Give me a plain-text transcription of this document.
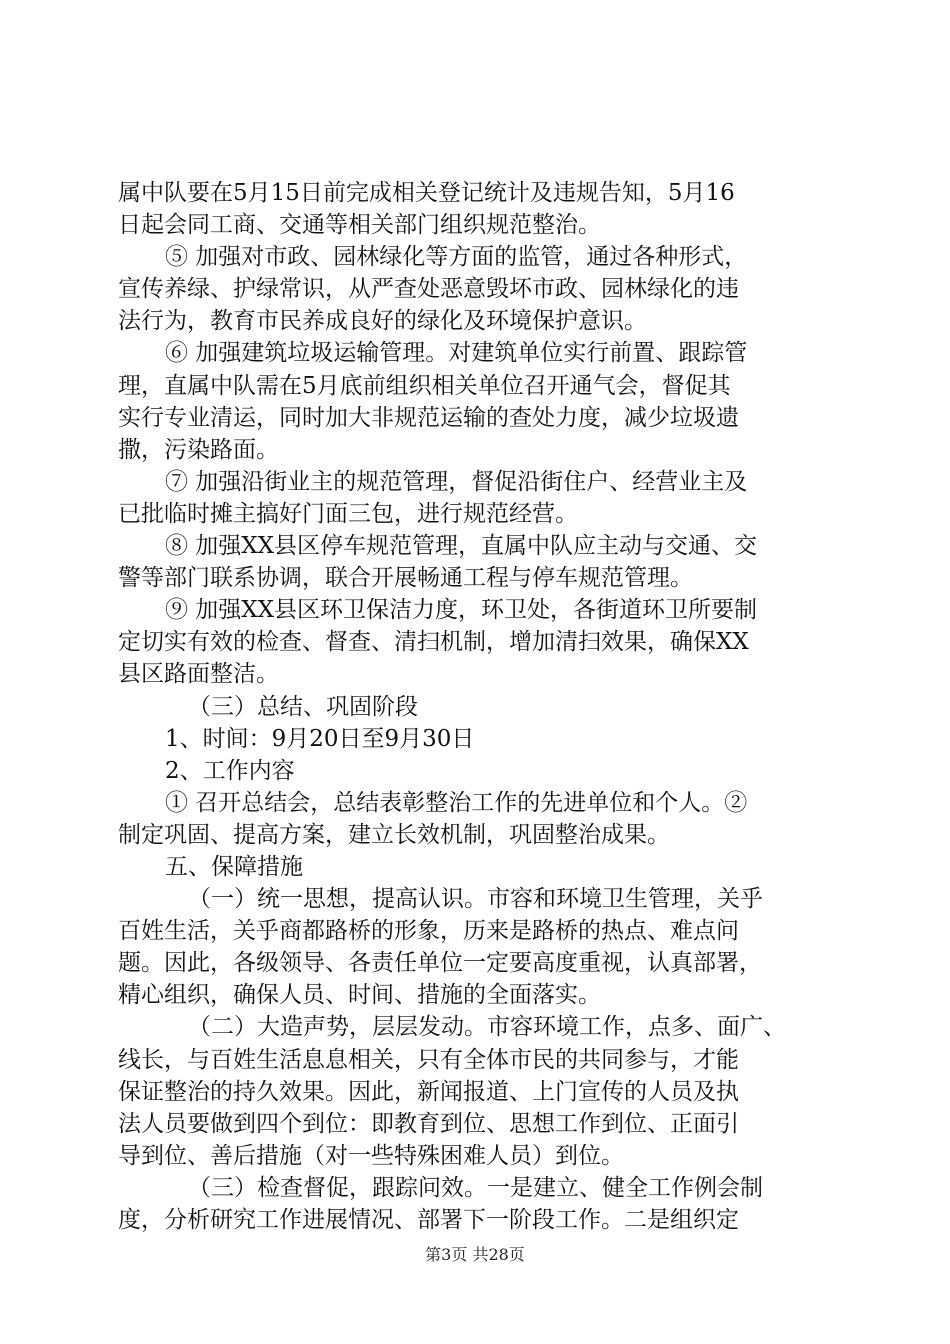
属中队要在5月15日前完成相关登记统计及违规告知，5月16
日起会同工商、交通等相关部门组织规范整治。
⑤ 加强对市政、园林绿化等方面的监管，通过各种形式，
宣传养绿、护绿常识，从严查处恶意毁坏市政、园林绿化的违
法行为，教育市民养成良好的绿化及环境保护意识。
⑥ 加强建筑垃圾运输管理。对建筑单位实行前置、跟踪管
理，直属中队需在5月底前组织相关单位召开通气会，督促其
实行专业清运，同时加大非规范运输的查处力度，减少垃圾遗
撒，污染路面。
⑦ 加强沿街业主的规范管理，督促沿街住户、经营业主及
已批临时摊主搞好门面三包，进行规范经营。
⑧ 加强XX县区停车规范管理，直属中队应主动与交通、交
警等部门联系协调，联合开展畅通工程与停车规范管理。
⑨ 加强XX县区环卫保洁力度，环卫处，各街道环卫所要制
定切实有效的检查、督查、清扫机制，增加清扫效果，确保XX
县区路面整洁。
（三）总结、巩固阶段
1、时间：9月20日至9月30日
2、工作内容
① 召开总结会，总结表彰整治工作的先进单位和个人。②
制定巩固、提高方案，建立长效机制，巩固整治成果。
五、保障措施
（一）统一思想，提高认识。市容和环境卫生管理，关乎
百姓生活，关乎商都路桥的形象，历来是路桥的热点、难点问
题。因此，各级领导、各责任单位一定要高度重视，认真部署，
精心组织，确保人员、时间、措施的全面落实。
（二）大造声势，层层发动。市容环境工作，点多、面广、
线长，与百姓生活息息相关，只有全体市民的共同参与，才能
保证整治的持久效果。因此，新闻报道、上门宣传的人员及执
法人员要做到四个到位：即教育到位、思想工作到位、正面引
导到位、善后措施（对一些特殊困难人员）到位。
（三）检查督促，跟踪问效。一是建立、健全工作例会制
度，分析研究工作进展情况、部署下一阶段工作。二是组织定
第3页 共28页
